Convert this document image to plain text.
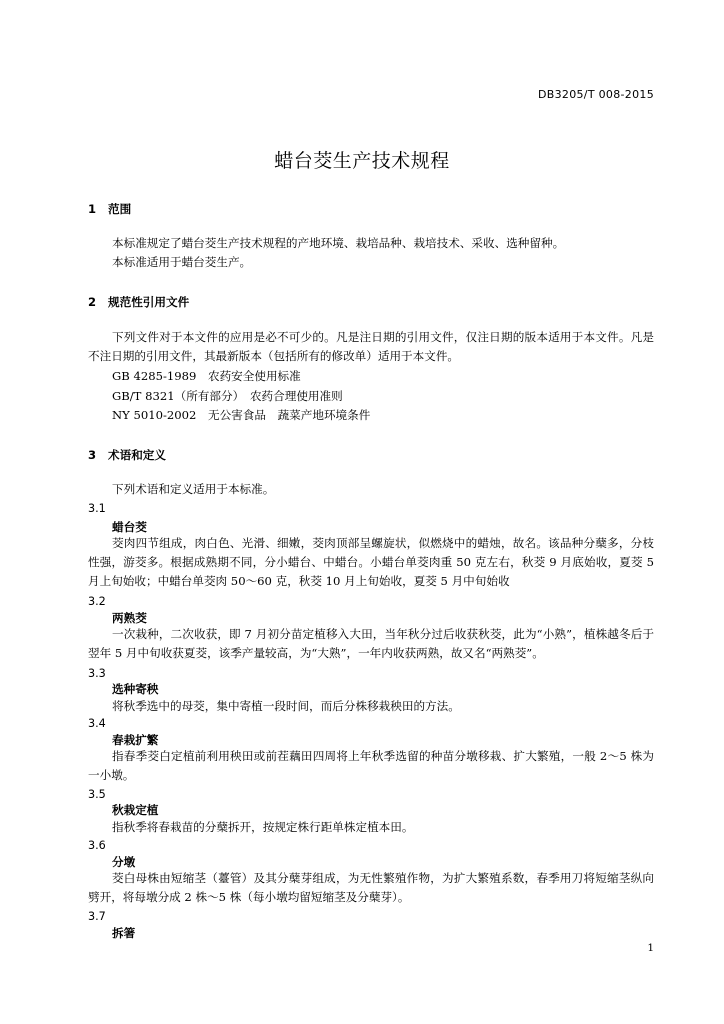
DB3205/T 008-2015
蜡台茭生产技术规程
1 范围
本标准规定了蜡台茭生产技术规程的产地环境、栽培品种、栽培技术、采收、选种留种。
本标准适用于蜡台茭生产。
2 规范性引用文件
下列文件对于本文件的应用是必不可少的。凡是注日期的引用文件，仅注日期的版本适用于本文件。凡是不注日期的引用文件，其最新版本（包括所有的修改单）适用于本文件。
GB 4285-1989　农药安全使用标准
GB/T 8321（所有部分）　农药合理使用准则
NY 5010-2002　无公害食品　蔬菜产地环境条件
3 术语和定义
下列术语和定义适用于本标准。
3.1
蜡台茭
茭肉四节组成，肉白色、光滑、细嫩，茭肉顶部呈螺旋状，似燃烧中的蜡烛，故名。该品种分蘖多，分枝性强，游茭多。根据成熟期不同，分小蜡台、中蜡台。小蜡台单茭肉重 50 克左右，秋茭 9 月底始收，夏茭 5 月上旬始收；中蜡台单茭肉 50～60 克，秋茭 10 月上旬始收，夏茭 5 月中旬始收
3.2
两熟茭
一次栽种，二次收获，即 7 月初分苗定植移入大田，当年秋分过后收获秋茭，此为“小熟”，植株越冬后于翌年 5 月中旬收获夏茭，该季产量较高，为“大熟”，一年内收获两熟，故又名“两熟茭”。
3.3
选种寄秧
将秋季选中的母茭，集中寄植一段时间，而后分株移栽秧田的方法。
3.4
春栽扩繁
指春季茭白定植前利用秧田或前茬藕田四周将上年秋季选留的种苗分墩移栽、扩大繁殖，一般 2～5 株为一小墩。
3.5
秋栽定植
指秋季将春栽苗的分蘖拆开，按规定株行距单株定植本田。
3.6
分墩
茭白母株由短缩茎（薹管）及其分蘖芽组成，为无性繁殖作物，为扩大繁殖系数，春季用刀将短缩茎纵向劈开，将每墩分成 2 株～5 株（每小墩均留短缩茎及分蘖芽）。
3.7
拆箸
1
